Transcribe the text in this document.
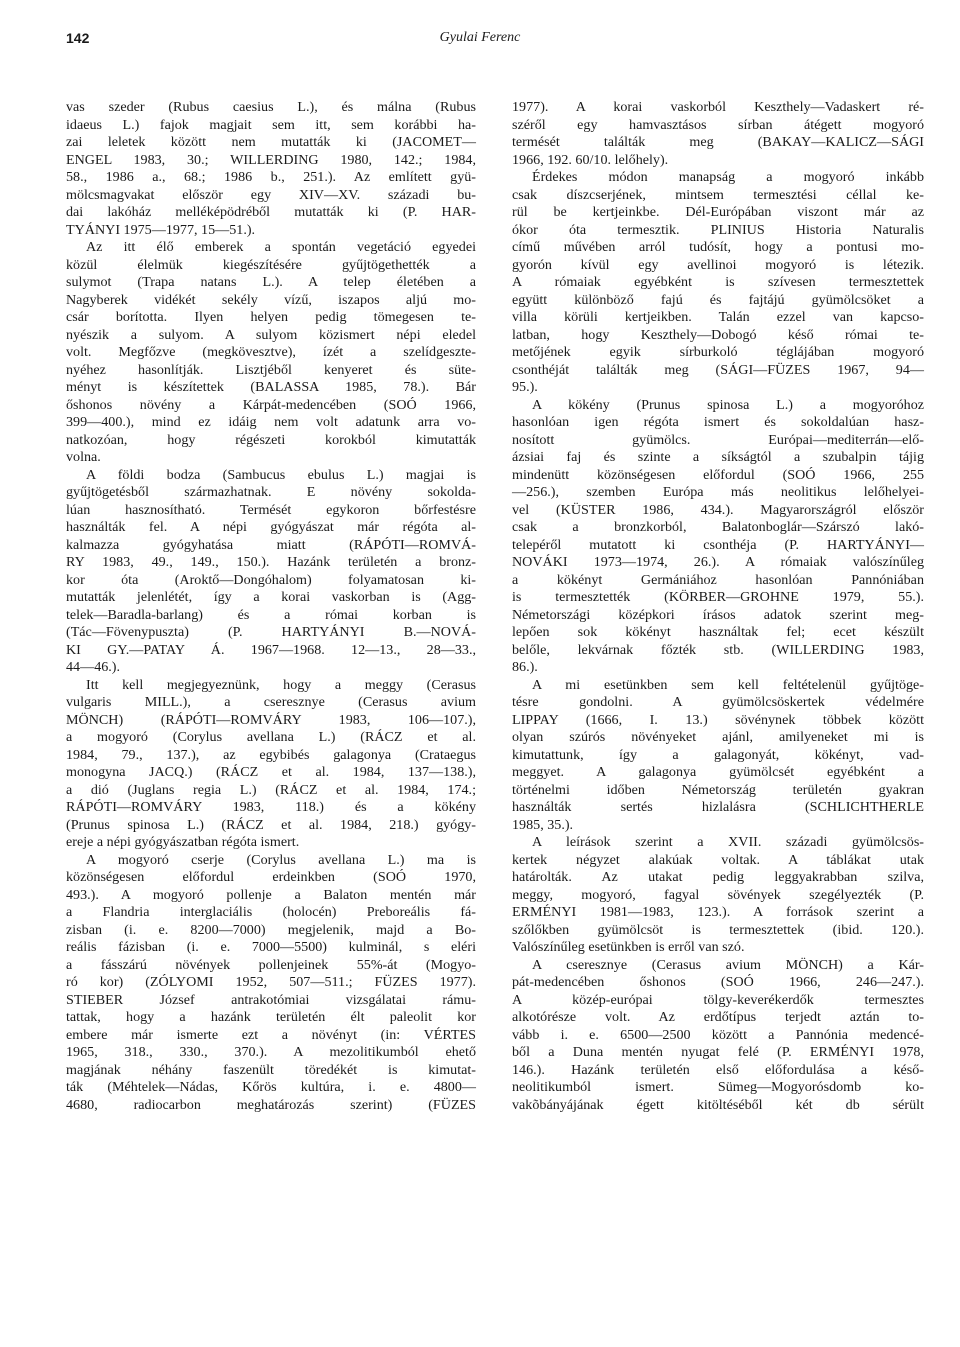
142	Gyulai Ferenc
vas szeder (Rubus caesius L.), és málna (Rubus
idaeus L.) fajok magjait sem itt, sem korábbi ha-
zai leletek között nem mutatták ki (JACOMET—
ENGEL 1983, 30.; WILLERDING 1980, 142.; 1984,
58., 1986 a., 68.; 1986 b., 251.). Az említett gyü-
mölcsmagvakat először egy XIV—XV. századi bu-
dai lakóház melléképödréből mutatták ki (P. HAR-
TYÁNYI 1975—1977, 15—51.).
Az itt élő emberek a spontán vegetáció egyedei
közül élelmük kiegészítésére gyűjtögethették a
sulymot (Trapa natans L.). A telep életében a
Nagyberek vidékét sekély vízű, iszapos aljú mo-
csár borította. Ilyen helyen pedig tömegesen te-
nyészik a sulyom. A sulyom közismert népi eledel
volt. Megfőzve (megkövesztve), ízét a szelídgeszte-
nyéhez hasonlítják. Lisztjéből kenyeret és süte-
ményt is készítettek (BALASSA 1985, 78.). Bár
őshonos növény a Kárpát-medencében (SOÓ 1966,
399—400.), mind ez idáig nem volt adatunk arra vo-
natkozóan, hogy régészeti korokból kimutatták
volna.
A földi bodza (Sambucus ebulus L.) magjai is
gyűjtögetésből származhatnak. E növény sokolda-
lúan hasznosítható. Termését egykoron bőrfestésre
használták fel. A népi gyógyászat már régóta al-
kalmazza gyógyhatása miatt (RÁPÓTI—ROMVÁ-
RY 1983, 49., 149., 150.). Hazánk területén a bronz-
kor óta (Aroktő—Dongóhalom) folyamatosan ki-
mutatták jelenlétét, így a korai vaskorban is (Agg-
telek—Baradla-barlang) és a római korban is
(Tác—Fövenypuszta) (P. HARTYÁNYI B.—NOVÁ-
KI GY.—PATAY Á. 1967—1968. 12—13., 28—33.,
44—46.).
Itt kell megjegyeznünk, hogy a meggy (Cerasus
vulgaris MILL.), a cseresznye (Cerasus avium
MÖNCH) (RÁPÓTI—ROMVÁRY 1983, 106—107.),
a mogyoró (Corylus avellana L.) (RÁCZ et al.
1984, 79., 137.), az egybibés galagonya (Crataegus
monogyna JACQ.) (RÁCZ et al. 1984, 137—138.),
a dió (Juglans regia L.) (RÁCZ et al. 1984, 174.;
RÁPÓTI—ROMVÁRY 1983, 118.) és a kökény
(Prunus spinosa L.) (RÁCZ et al. 1984, 218.) gyógy-
ereje a népi gyógyászatban régóta ismert.
A mogyoró cserje (Corylus avellana L.) ma is
közönségesen előfordul erdeinkben (SOÓ 1970,
493.). A mogyoró pollenje a Balaton mentén már
a Flandria interglaciális (holocén) Preboreális fá-
zisban (i. e. 8200—7000) megjelenik, majd a Bo-
reális fázisban (i. e. 7000—5500) kulminál, s eléri
a fásszárú növények pollenjeinek 55%-át (Mogyo-
ró kor) (ZÓLYOMI 1952, 507—511.; FÜZES 1977).
STIEBER József antrakotómiai vizsgálatai rámu-
tattak, hogy a hazánk területén élt paleolit kor
embere már ismerte ezt a növényt (in: VÉRTES
1965, 318., 330., 370.). A mezolitikumból ehető
magjának néhány faszenült töredékét is kimutat-
ták (Méhtelek—Nádas, Kőrös kultúra, i. e. 4800—
4680, radiocarbon meghatározás szerint) (FÜZES
1977). A korai vaskorból Keszthely—Vadaskert ré-
széről egy hamvasztásos sírban átégett mogyoró
termését találták meg (BAKAY—KALICZ—SÁGI
1966, 192. 60/10. lelőhely).
Érdekes módon manapság a mogyoró inkább
csak díszcserjének, mintsem termesztési céllal ke-
rül be kertjeinkbe. Dél-Európában viszont már az
ókor óta termesztik. PLINIUS Historia Naturalis
című művében arról tudósít, hogy a pontusi mo-
gyorón kívül egy avellinoi mogyoró is létezik.
A rómaiak egyébként is szívesen termesztettek
együtt különböző fajú és fajtájú gyümölcsöket a
villa körüli kertjeikben. Talán ezzel van kapcso-
latban, hogy Keszthely—Dobogó késő római te-
metőjének egyik sírburkoló téglájában mogyoró
csonthéját találták meg (SÁGI—FÜZES 1967, 94—
95.).
A kökény (Prunus spinosa L.) a mogyoróhoz
hasonlóan igen régóta ismert és sokoldalúan hasz-
nosított gyümölcs. Európai—mediterrán—elő-
ázsiai faj és szinte a síkságtól a szubalpin tájig
mindenütt közönségesen előfordul (SOÓ 1966, 255
—256.), szemben Európa más neolitikus lelőhelyei-
vel (KÜSTER 1986, 434.). Magyarországról először
csak a bronzkorból, Balatonboglár—Szárszó lakó-
telepéről mutatott ki csonthéja (P. HARTYÁNYI—
NOVÁKI 1973—1974, 26.). A rómaiak valószínűleg
a kökényt Germániához hasonlóan Pannóniában
is termesztették (KÖRBER—GROHNE 1979, 55.).
Németországi középkori írásos adatok szerint meg-
lepően sok kökényt használtak fel; ecet készült
belőle, lekvárnak főzték stb. (WILLERDING 1983,
86.).
A mi esetünkben sem kell feltételenül gyűjtöge-
tésre gondolni. A gyümölcsöskertek védelmére
LIPPAY (1666, I. 13.) sövénynek többek között
olyan szúrós növényeket ajánl, amilyeneket mi is
kimutattunk, így a galagonyát, kökényt, vad-
meggyet. A galagonya gyümölcsét egyébként a
történelmi időben Németország területén gyakran
használták sertés hizlalásra (SCHLICHTHERLE
1985, 35.).
A leírások szerint a XVII. századi gyümölcsös-
kertek négyzet alakúak voltak. A táblákat utak
határolták. Az utakat pedig leggyakrabban szilva,
meggy, mogyoró, fagyal sövények szegélyezték (P.
ERMÉNYI 1981—1983, 123.). A források szerint a
szőlőkben gyümölcsöt is termesztettek (ibid. 120.).
Valószínűleg esetünkben is erről van szó.
A cseresznye (Cerasus avium MÖNCH) a Kár-
pát-medencében őshonos (SOÓ 1966, 246—247.).
A közép-európai tölgy-keverékerdők termesztes
alkotórésze volt. Az erdőtípus terjedt aztán to-
vább i. e. 6500—2500 között a Pannónia medencé-
ből a Duna mentén nyugat felé (P. ERMÉNYI 1978,
146.). Hazánk területén első előfordulása a késő-
neolitikumból ismert. Sümeg—Mogyorósdomb ko-
vakõbányájának égett kitöltéséből két db sérült
